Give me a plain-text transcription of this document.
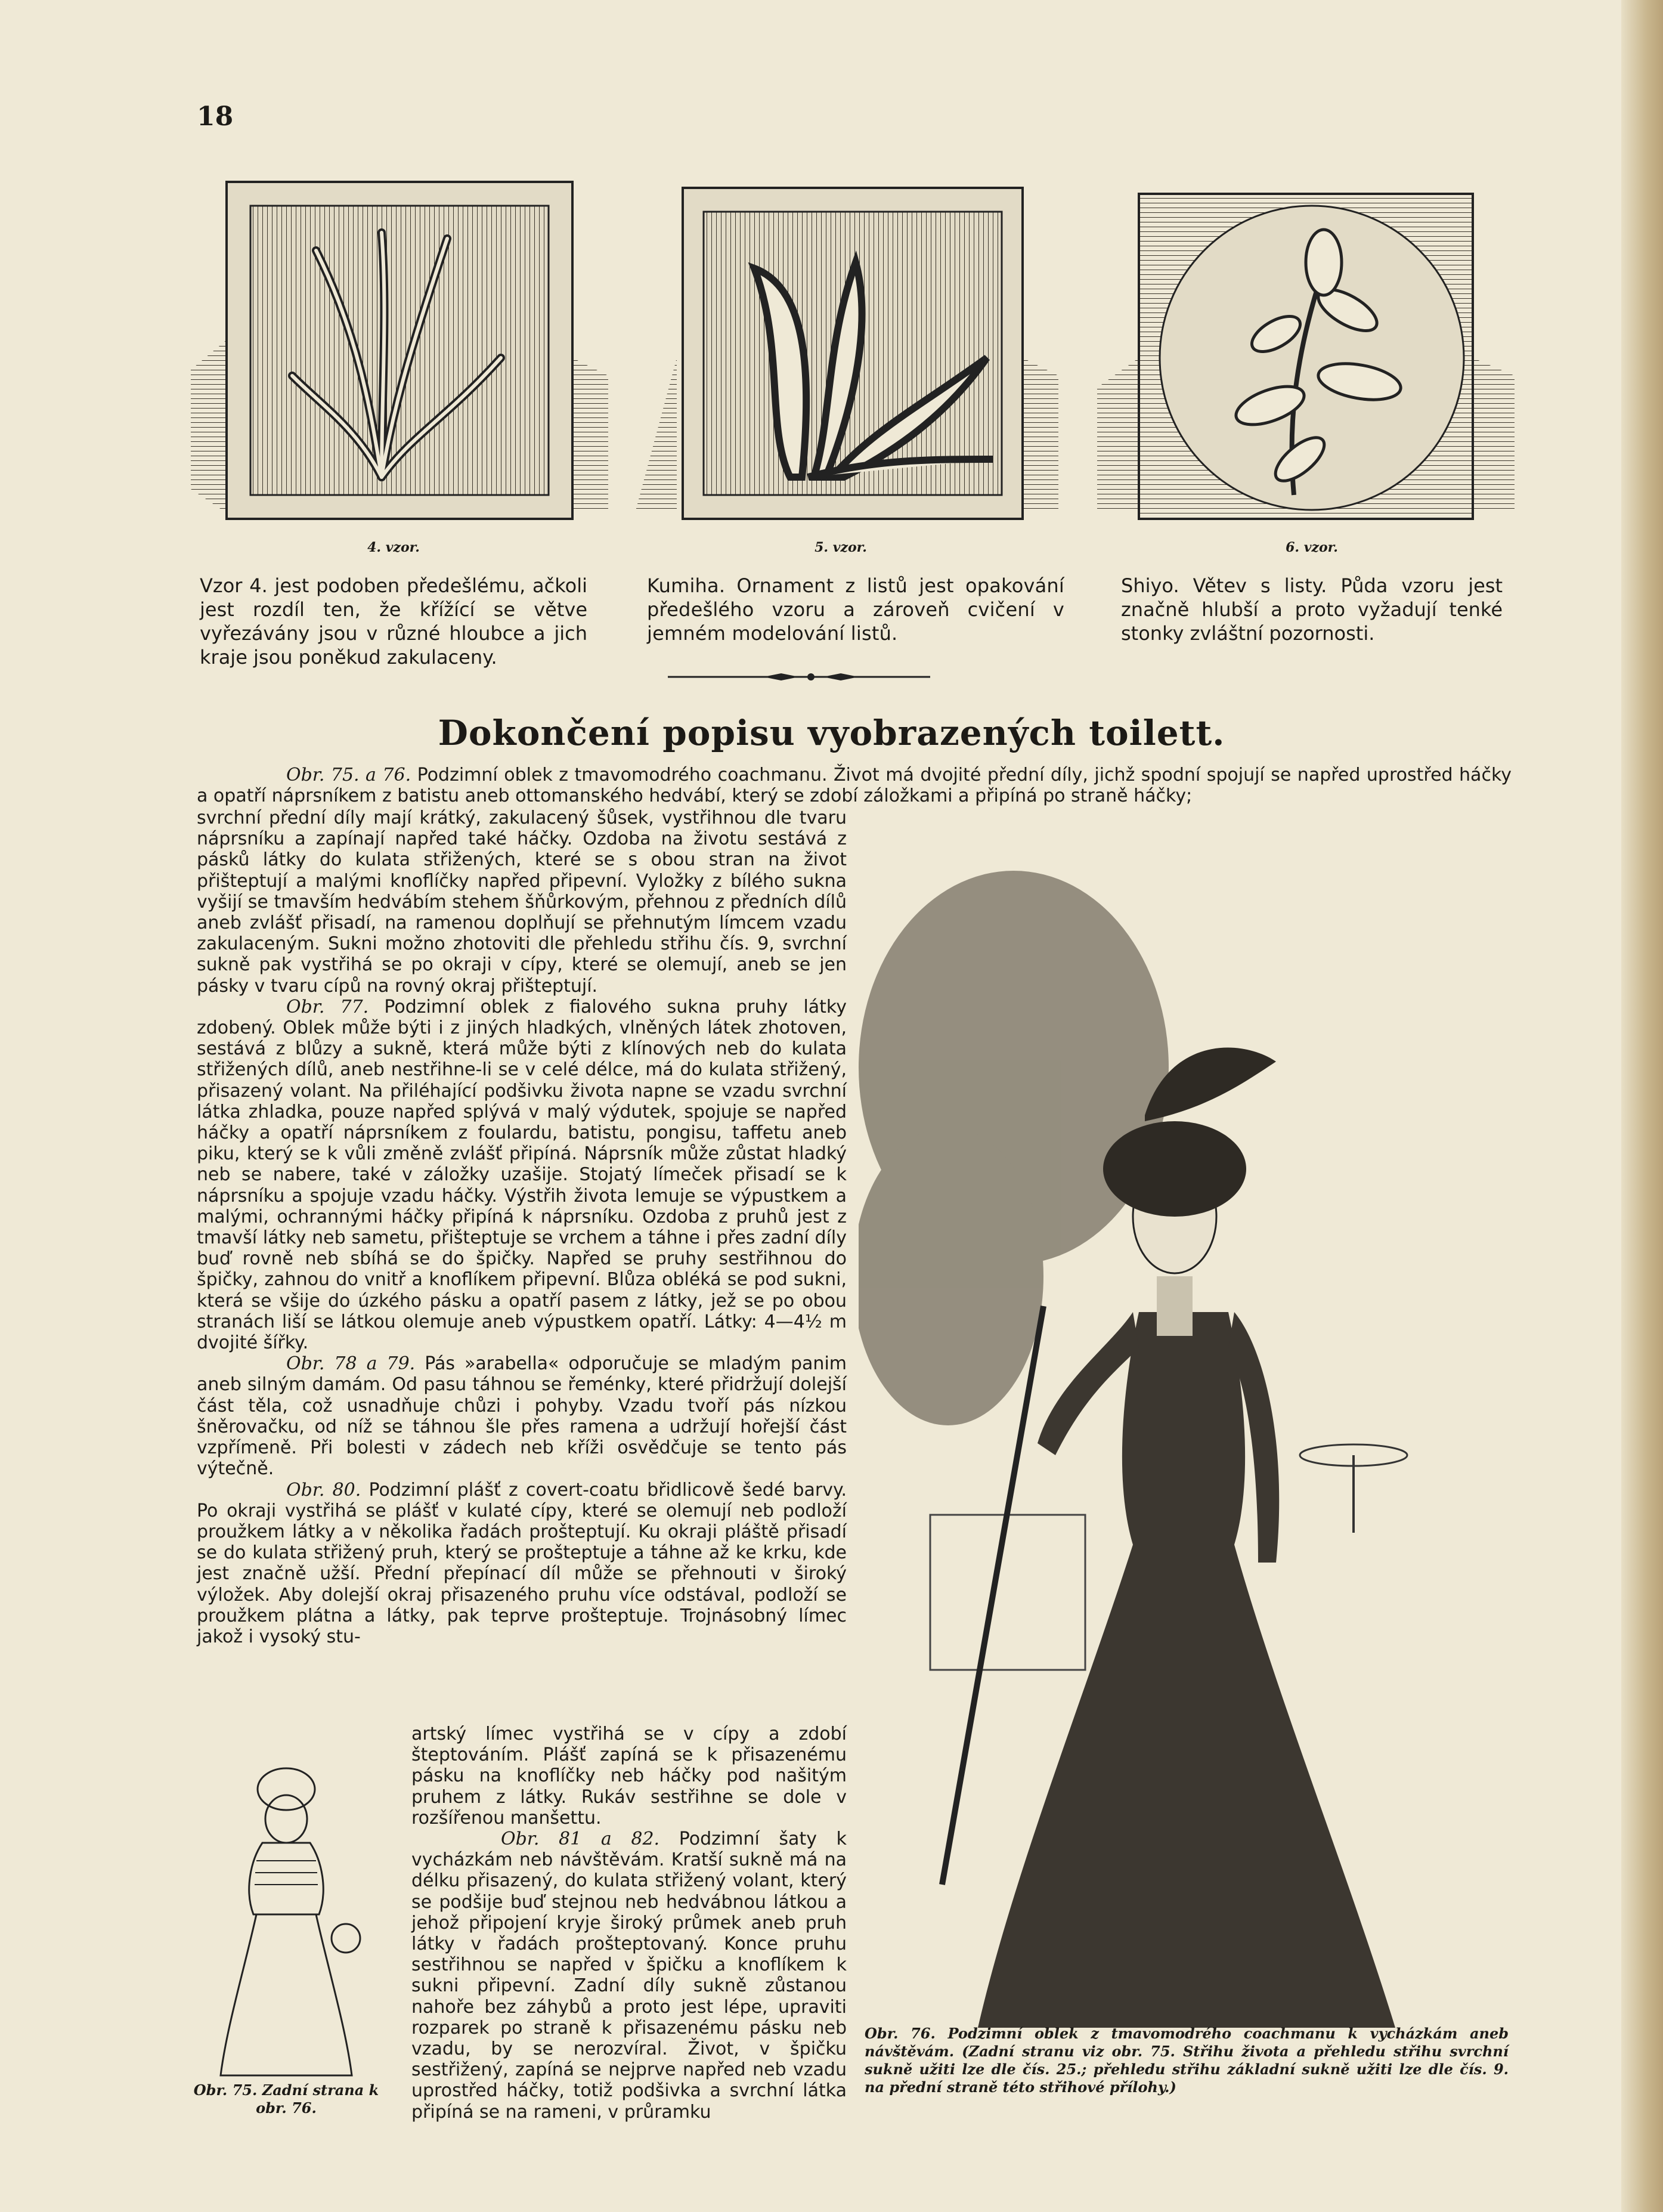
18
4. vzor.
Vzor 4. jest podoben předešlému, ačkoli jest rozdíl ten, že křížící se větve vyřezávány jsou v různé hloubce a jich kraje jsou poněkud zakulaceny.
5. vzor.
Kumiha. Ornament z listů jest opakování předešlého vzoru a zároveň cvičení v jemném modelování listů.
6. vzor.
Shiyo. Větev s listy. Půda vzoru jest značně hlubší a proto vyžadují tenké stonky zvláštní pozornosti.
Dokončení popisu vyobrazených toilett.

Obr. 75. a 76. Podzimní oblek z tmavomodrého coachmanu. Život má dvojité přední díly, jichž spodní spojují se napřed uprostřed háčky a opatří náprsníkem z batistu aneb ottomanského hedvábí, který se zdobí záložkami a připíná po straně háčky;

svrchní přední díly mají krátký, zakulacený šůsek, vystřihnou dle tvaru náprsníku a zapínají napřed také háčky. Ozdoba na životu sestává z pásků látky do kulata střižených, které se s obou stran na život přišteptují a malými knoflíčky napřed připevní. Vyložky z bílého sukna vyšijí se tmavším hedvábím stehem šňůrkovým, přehnou z předních dílů aneb zvlášť přisadí, na ramenou doplňují se přehnutým límcem vzadu zakulaceným. Sukni možno zhotoviti dle přehledu střihu čís. 9, svrchní sukně pak vystřihá se po okraji v cípy, které se olemují, aneb se jen pásky v tvaru cípů na rovný okraj přišteptují.

Obr. 77. Podzimní oblek z fialového sukna pruhy látky zdobený. Oblek může býti i z jiných hladkých, vlněných látek zhotoven, sestává z blůzy a sukně, která může býti z klínových neb do kulata střižených dílů, aneb nestřihne-li se v celé délce, má do kulata střižený, přisazený volant. Na přiléhající podšivku života napne se vzadu svrchní látka zhladka, pouze napřed splývá v malý výdutek, spojuje se napřed háčky a opatří náprsníkem z foulardu, batistu, pongisu, taffetu aneb piku, který se k vůli změně zvlášť připíná. Náprsník může zůstat hladký neb se nabere, také v záložky uzašije. Stojatý límeček přisadí se k náprsníku a spojuje vzadu háčky. Výstřih života lemuje se výpustkem a malými, ochrannými háčky připíná k náprsníku. Ozdoba z pruhů jest z tmavší látky neb sametu, přišteptuje se vrchem a táhne i přes zadní díly buď rovně neb sbíhá se do špičky. Napřed se pruhy sestřihnou do špičky, zahnou do vnitř a knoflíkem připevní. Blůza obléká se pod sukni, která se všije do úzkého pásku a opatří pasem z látky, jež se po obou stranách liší se látkou olemuje aneb výpustkem opatří. Látky: 4—4½ m dvojité šířky.

Obr. 78 a 79. Pás »arabella« odporučuje se mladým panim aneb silným damám. Od pasu táhnou se řeménky, které přidržují dolejší část těla, což usnadňuje chůzi i pohyby. Vzadu tvoří pás nízkou šněrovačku, od níž se táhnou šle přes ramena a udržují hořejší část vzpřímeně. Při bolesti v zádech neb kříži osvědčuje se tento pás výtečně.

Obr. 80. Podzimní plášť z covert-coatu břidlicově šedé barvy. Po okraji vystřihá se plášť v kulaté cípy, které se olemují neb podloží proužkem látky a v několika řadách prošteptují. Ku okraji pláště přisadí se do kulata střižený pruh, který se prošteptuje a táhne až ke krku, kde jest značně užší. Přední přepínací díl může se přehnouti v široký výložek. Aby dolejší okraj přisazeného pruhu více odstával, podloží se proužkem plátna a látky, pak teprve prošteptuje. Trojnásobný límec jakož i vysoký stu-

artský límec vystřihá se v cípy a zdobí šteptováním. Plášť zapíná se k přisazenému pásku na knoflíčky neb háčky pod našitým pruhem z látky. Rukáv sestřihne se dole v rozšířenou manšettu.

Obr. 81 a 82. Podzimní šaty k vycházkám neb návštěvám. Kratší sukně má na délku přisazený, do kulata střižený volant, který se podšije buď stejnou neb hedvábnou látkou a jehož připojení kryje široký průmek aneb pruh látky v řadách prošteptovaný. Konce pruhu sestřihnou se napřed v špičku a knoflíkem k sukni připevní. Zadní díly sukně zůstanou nahoře bez záhybů a proto jest lépe, upraviti rozparek po straně k přisazenému pásku neb vzadu, by se nerozvíral. Život, v špičku sestřižený, zapíná se nejprve napřed neb vzadu uprostřed háčky, totiž podšivka a svrchní látka připíná se na rameni, v průramku

Obr. 76. Podzimní oblek z tmavomodrého coachmanu k vycházkám aneb návštěvám. (Zadní stranu viz obr. 75. Střihu života a přehledu střihu svrchní sukně užiti lze dle čís. 25.; přehledu střihu základní sukně užiti lze dle čís. 9. na přední straně této střihové přílohy.)
Obr. 75. Zadní strana k obr. 76.
